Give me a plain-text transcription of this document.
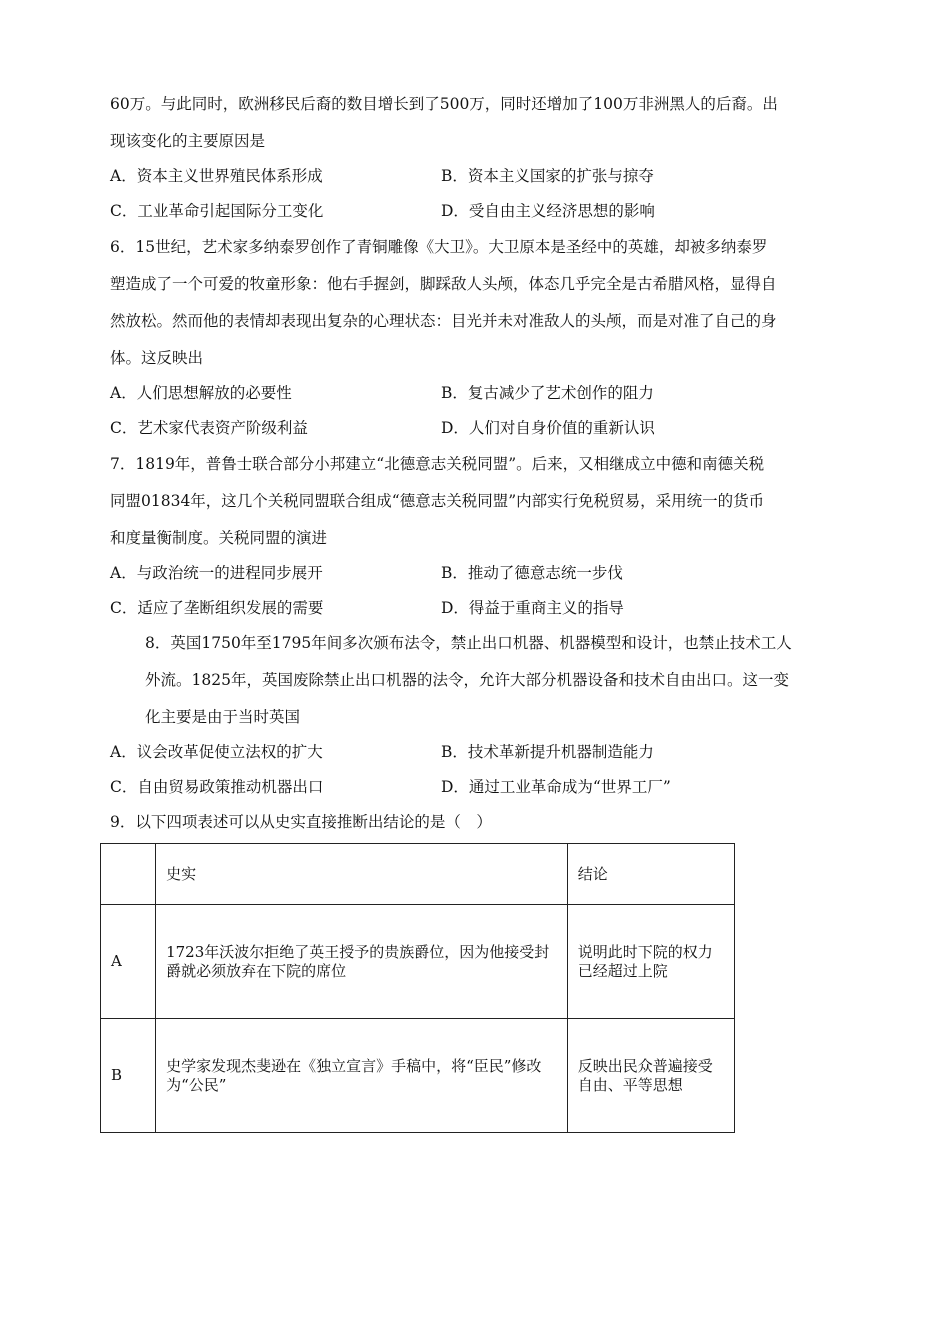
60万。与此同时，欧洲移民后裔的数目增长到了500万，同时还增加了100万非洲黑人的后裔。出
现该变化的主要原因是
A．资本主义世界殖民体系形成	B．资本主义国家的扩张与掠夺
C．工业革命引起国际分工变化	D．受自由主义经济思想的影响
6．15世纪，艺术家多纳泰罗创作了青铜雕像《大卫》。大卫原本是圣经中的英雄，却被多纳泰罗
塑造成了一个可爱的牧童形象：他右手握剑，脚踩敌人头颅，体态几乎完全是古希腊风格，显得自
然放松。然而他的表情却表现出复杂的心理状态：目光并未对准敌人的头颅，而是对准了自己的身
体。这反映出
A．人们思想解放的必要性	B．复古减少了艺术创作的阻力
C．艺术家代表资产阶级利益	D．人们对自身价值的重新认识
7．1819年，普鲁士联合部分小邦建立“北德意志关税同盟”。后来，又相继成立中德和南德关税
同盟01834年，这几个关税同盟联合组成“德意志关税同盟”内部实行免税贸易，采用统一的货币
和度量衡制度。关税同盟的演进
A．与政治统一的进程同步展开	B．推动了德意志统一步伐
C．适应了垄断组织发展的需要	D．得益于重商主义的指导
8．英国1750年至1795年间多次颁布法令，禁止出口机器、机器模型和设计，也禁止技术工人
外流。1825年，英国废除禁止出口机器的法令，允许大部分机器设备和技术自由出口。这一变
化主要是由于当时英国
A．议会改革促使立法权的扩大	B．技术革新提升机器制造能力
C．自由贸易政策推动机器出口	D．通过工业革命成为“世界工厂”
9．以下四项表述可以从史实直接推断出结论的是（　）
	史实	结论
A	1723年沃波尔拒绝了英王授予的贵族爵位，因为他接受封爵就必须放弃在下院的席位	说明此时下院的权力已经超过上院
B	史学家发现杰斐逊在《独立宣言》手稿中，将“臣民”修改为“公民”	反映出民众普遍接受自由、平等思想
